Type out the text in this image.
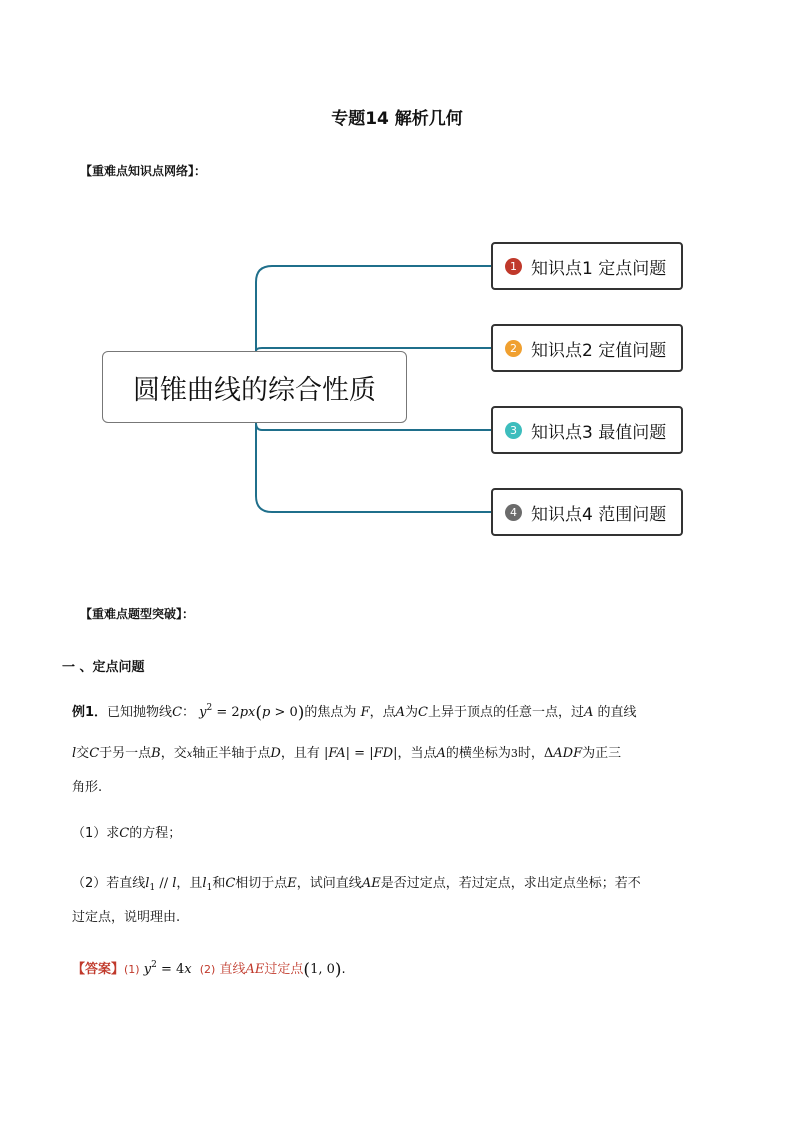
专题14 解析几何
【重难点知识点网络】：
圆锥曲线的综合性质
1 知识点1 定点问题
2 知识点2 定值问题
3 知识点3 最值问题
4 知识点4 范围问题
【重难点题型突破】：
一 、定点问题
例1．已知抛物线C： $y^2 = 2px(p > 0)$的焦点为 F，点A为C上异于顶点的任意一点，过A 的直线
l交C于另一点B，交x轴正半轴于点D，且有 |FA| = |FD|，当点A的横坐标为3时，ΔADF为正三
角形.
（1）求C的方程；
（2）若直线$l_1$ // l，且$l_1$和C相切于点E，试问直线AE是否过定点，若过定点，求出定点坐标；若不
过定点，说明理由.
【答案】(1) $y^2 = 4x$ (2) 直线AE过定点(1, 0).
